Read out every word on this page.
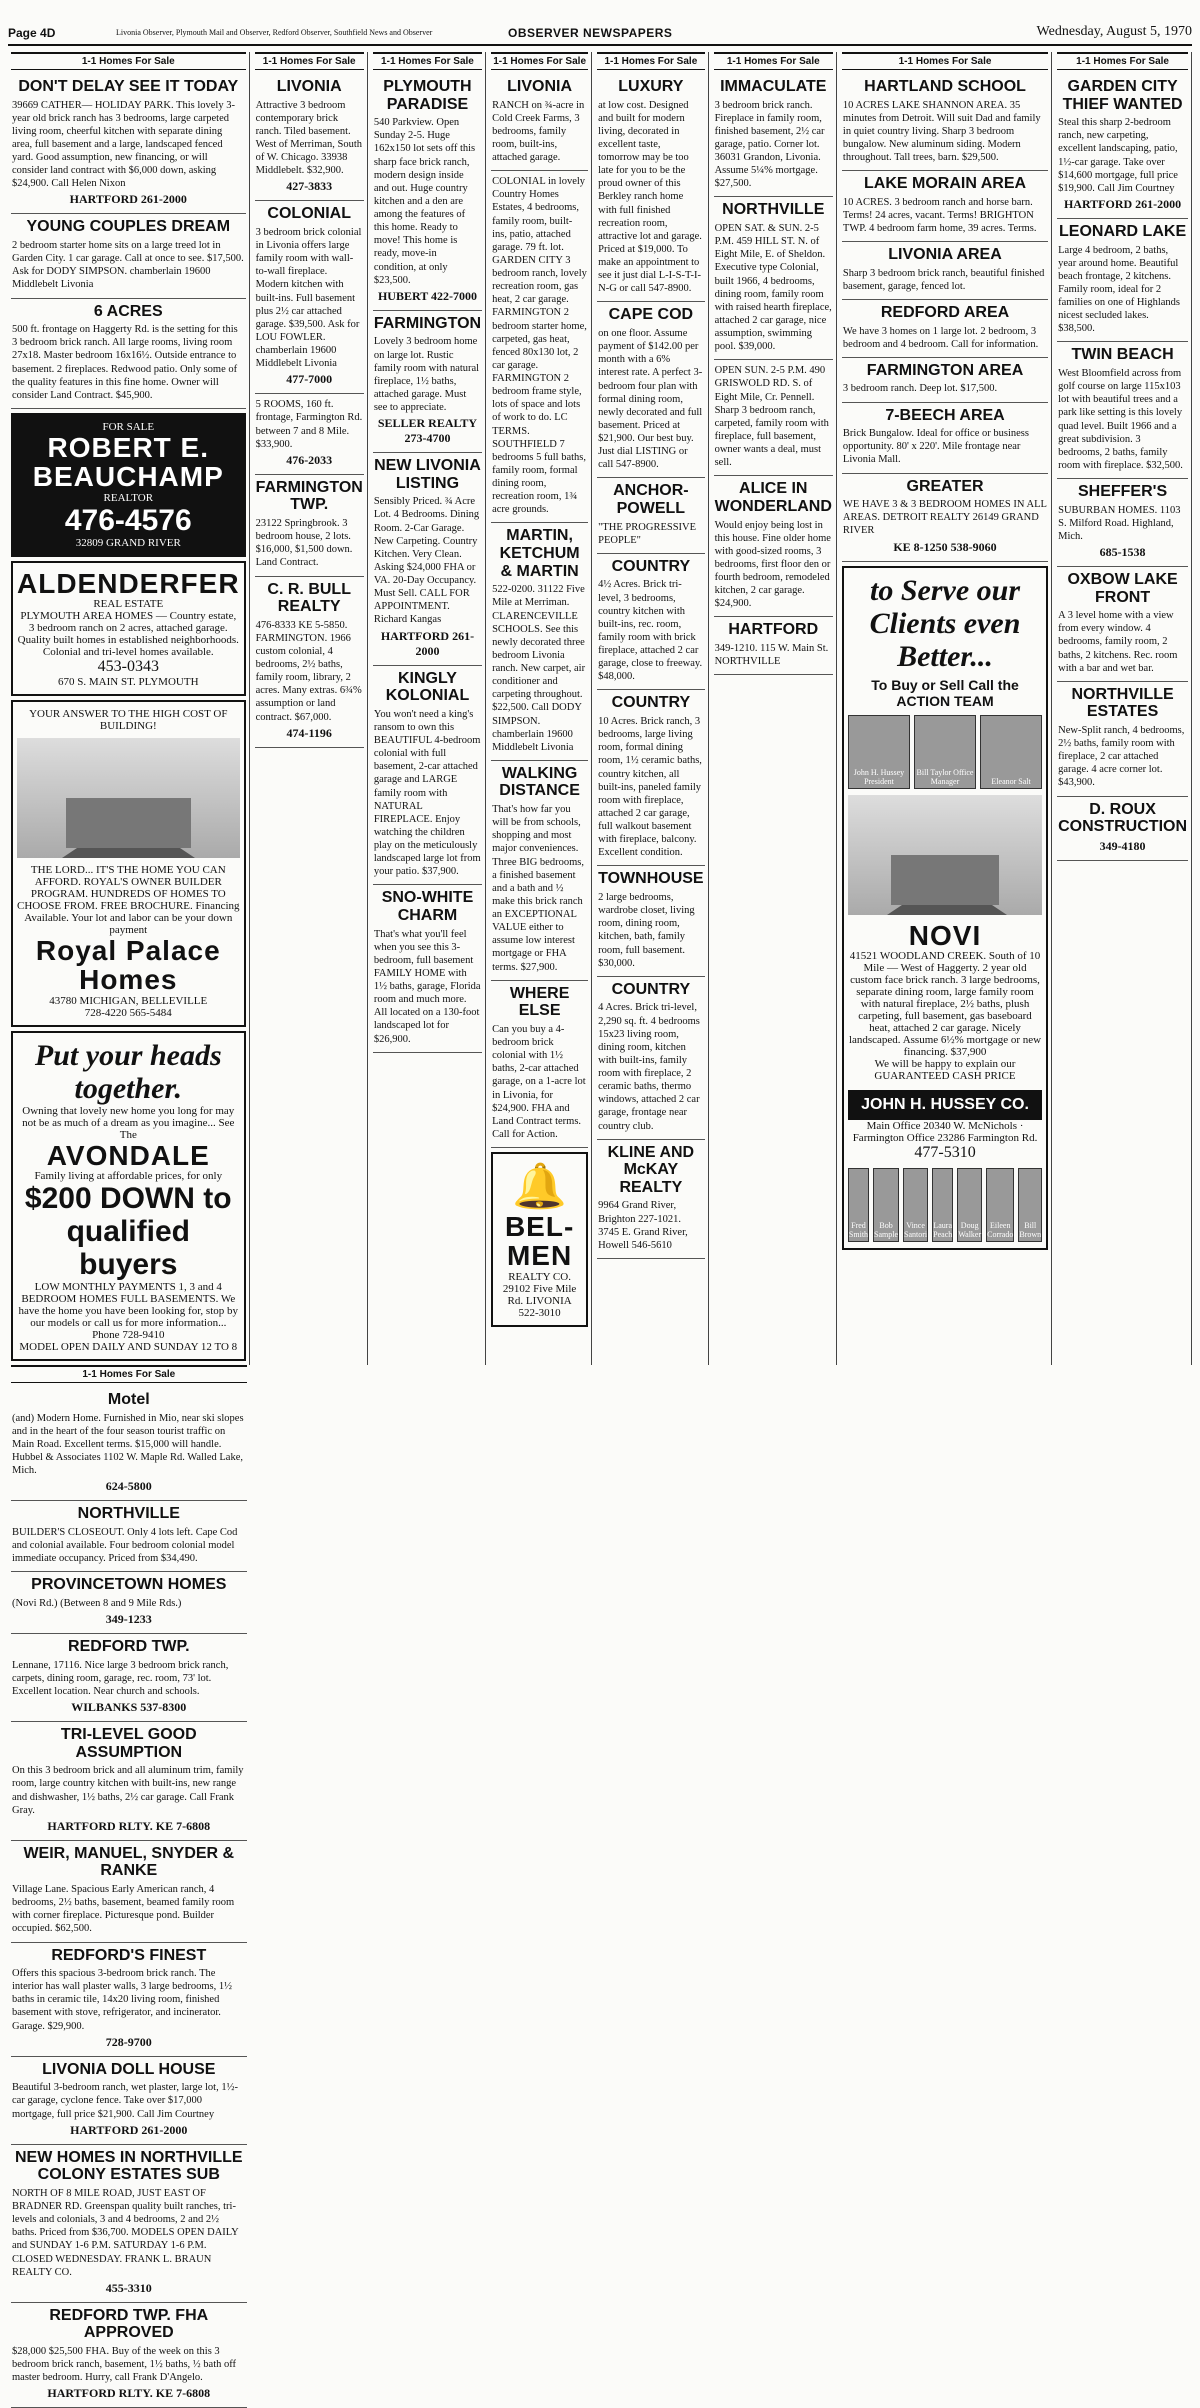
Page 4D	Livonia Observer, Plymouth Mail and Observer, Redford Observer, Southfield News and Observer	OBSERVER NEWSPAPERS	Wednesday, August 5, 1970
1-1 Homes For Sale
DON'T DELAY SEE IT TODAY
39669 CATHER— HOLIDAY PARK. This lovely 3-year old brick ranch has 3 bedrooms, large carpeted living room, cheerful kitchen with separate dining area, full basement and a large, landscaped fenced yard. Good assumption, new financing, or will consider land contract with $6,000 down, asking $24,900. Call Helen Nixon
HARTFORD 261-2000
YOUNG COUPLES DREAM
2 bedroom starter home sits on a large treed lot in Garden City. 1 car garage. Call at once to see. $17,500. Ask for DODY SIMPSON. chamberlain 19600 Middlebelt Livonia
6 ACRES
500 ft. frontage on Haggerty Rd. is the setting for this 3 bedroom brick ranch. All large rooms, living room 27x18. Master bedroom 16x16½. Outside entrance to basement. 2 fireplaces. Redwood patio. Only some of the quality features in this fine home. Owner will consider Land Contract. $45,900.
FOR SALE
ROBERT E. BEAUCHAMP
REALTOR
476-4576
32809 GRAND RIVER
ALDENDERFER
REAL ESTATE
PLYMOUTH AREA HOMES — Country estate, 3 bedroom ranch on 2 acres, attached garage. Quality built homes in established neighborhoods. Colonial and tri-level homes available.
453-0343
670 S. MAIN ST. PLYMOUTH
YOUR ANSWER TO THE HIGH COST OF BUILDING!
THE LORD... IT'S THE HOME YOU CAN AFFORD. ROYAL'S OWNER BUILDER PROGRAM. HUNDREDS OF HOMES TO CHOOSE FROM. FREE BROCHURE. Financing Available. Your lot and labor can be your down payment
Royal Palace Homes
43780 MICHIGAN, BELLEVILLE
728-4220 565-5484
Put your heads together.
Owning that lovely new home you long for may not be as much of a dream as you imagine... See The
AVONDALE
Family living at affordable prices, for only
$200 DOWN to qualified buyers
LOW MONTHLY PAYMENTS 1, 3 and 4 BEDROOM HOMES FULL BASEMENTS. We have the home you have been looking for, stop by our models or call us for more information...
Phone 728-9410
MODEL OPEN DAILY AND SUNDAY 12 TO 8
1-1 Homes For Sale
LIVONIA
Attractive 3 bedroom contemporary brick ranch. Tiled basement. West of Merriman, South of W. Chicago. 33938 Middlebelt. $32,900.
427-3833
COLONIAL
3 bedroom brick colonial in Livonia offers large family room with wall-to-wall fireplace. Modern kitchen with built-ins. Full basement plus 2½ car attached garage. $39,500. Ask for LOU FOWLER. chamberlain 19600 Middlebelt Livonia
477-7000
5 ROOMS, 160 ft. frontage, Farmington Rd. between 7 and 8 Mile. $33,900.
476-2033
FARMINGTON TWP.
23122 Springbrook. 3 bedroom house, 2 lots. $16,000, $1,500 down. Land Contract.
C. R. BULL REALTY
476-8333 KE 5-5850. FARMINGTON. 1966 custom colonial, 4 bedrooms, 2½ baths, family room, library, 2 acres. Many extras. 6¾% assumption or land contract. $67,000.
474-1196
1-1 Homes For Sale
PLYMOUTH PARADISE
540 Parkview. Open Sunday 2-5. Huge 162x150 lot sets off this sharp face brick ranch, modern design inside and out. Huge country kitchen and a den are among the features of this home. Ready to move! This home is ready, move-in condition, at only $23,500.
HUBERT 422-7000
FARMINGTON
Lovely 3 bedroom home on large lot. Rustic family room with natural fireplace, 1½ baths, attached garage. Must see to appreciate.
SELLER REALTY 273-4700
NEW LIVONIA LISTING
Sensibly Priced. ¾ Acre Lot. 4 Bedrooms. Dining Room. 2-Car Garage. New Carpeting. Country Kitchen. Very Clean. Asking $24,000 FHA or VA. 20-Day Occupancy. Must Sell. CALL FOR APPOINTMENT. Richard Kangas
HARTFORD 261-2000
KINGLY KOLONIAL
You won't need a king's ransom to own this BEAUTIFUL 4-bedroom colonial with full basement, 2-car attached garage and LARGE family room with NATURAL FIREPLACE. Enjoy watching the children play on the meticulously landscaped large lot from your patio. $37,900.
SNO-WHITE CHARM
That's what you'll feel when you see this 3-bedroom, full basement FAMILY HOME with 1½ baths, garage, Florida room and much more. All located on a 130-foot landscaped lot for $26,900.
1-1 Homes For Sale
LIVONIA
RANCH on ¾-acre in Cold Creek Farms, 3 bedrooms, family room, built-ins, attached garage.
COLONIAL in lovely Country Homes Estates, 4 bedrooms, family room, built-ins, patio, attached garage. 79 ft. lot. GARDEN CITY 3 bedroom ranch, lovely recreation room, gas heat, 2 car garage. FARMINGTON 2 bedroom starter home, carpeted, gas heat, fenced 80x130 lot, 2 car garage. FARMINGTON 2 bedroom frame style, lots of space and lots of work to do. LC TERMS. SOUTHFIELD 7 bedrooms 5 full baths, family room, formal dining room, recreation room, 1¾ acre grounds.
MARTIN, KETCHUM & MARTIN
522-0200. 31122 Five Mile at Merriman. CLARENCEVILLE SCHOOLS. See this newly decorated three bedroom Livonia ranch. New carpet, air conditioner and carpeting throughout. $22,500. Call DODY SIMPSON. chamberlain 19600 Middlebelt Livonia
WALKING DISTANCE
That's how far you will be from schools, shopping and most major conveniences. Three BIG bedrooms, a finished basement and a bath and ½ make this brick ranch an EXCEPTIONAL VALUE either to assume low interest mortgage or FHA terms. $27,900.
WHERE ELSE
Can you buy a 4-bedroom brick colonial with 1½ baths, 2-car attached garage, on a 1-acre lot in Livonia, for $24,900. FHA and Land Contract terms. Call for Action.
🔔
BEL-MEN
REALTY CO.
29102 Five Mile Rd. LIVONIA
522-3010
1-1 Homes For Sale
LUXURY
at low cost. Designed and built for modern living, decorated in excellent taste, tomorrow may be too late for you to be the proud owner of this Berkley ranch home with full finished recreation room, attractive lot and garage. Priced at $19,000. To make an appointment to see it just dial L-I-S-T-I-N-G or call 547-8900.
CAPE COD
on one floor. Assume payment of $142.00 per month with a 6% interest rate. A perfect 3-bedroom four plan with formal dining room, newly decorated and full basement. Priced at $21,900. Our best buy. Just dial LISTING or call 547-8900.
ANCHOR-POWELL
"THE PROGRESSIVE PEOPLE"
COUNTRY
4½ Acres. Brick tri-level, 3 bedrooms, country kitchen with built-ins, rec. room, family room with brick fireplace, attached 2 car garage, close to freeway. $48,000.
COUNTRY
10 Acres. Brick ranch, 3 bedrooms, large living room, formal dining room, 1½ ceramic baths, country kitchen, all built-ins, paneled family room with fireplace, attached 2 car garage, full walkout basement with fireplace, balcony. Excellent condition.
TOWNHOUSE
2 large bedrooms, wardrobe closet, living room, dining room, kitchen, bath, family room, full basement. $30,000.
COUNTRY
4 Acres. Brick tri-level, 2,290 sq. ft. 4 bedrooms 15x23 living room, dining room, kitchen with built-ins, family room with fireplace, 2 ceramic baths, thermo windows, attached 2 car garage, frontage near country club.
KLINE AND McKAY REALTY
9964 Grand River, Brighton 227-1021. 3745 E. Grand River, Howell 546-5610
1-1 Homes For Sale
IMMACULATE
3 bedroom brick ranch. Fireplace in family room, finished basement, 2½ car garage, patio. Corner lot. 36031 Grandon, Livonia. Assume 5¼% mortgage. $27,500.
NORTHVILLE
OPEN SAT. & SUN. 2-5 P.M. 459 HILL ST. N. of Eight Mile, E. of Sheldon. Executive type Colonial, built 1966, 4 bedrooms, dining room, family room with raised hearth fireplace, attached 2 car garage, nice assumption, swimming pool. $39,000.
OPEN SUN. 2-5 P.M. 490 GRISWOLD RD. S. of Eight Mile, Cr. Pennell. Sharp 3 bedroom ranch, carpeted, family room with fireplace, full basement, owner wants a deal, must sell.
ALICE IN WONDERLAND
Would enjoy being lost in this house. Fine older home with good-sized rooms, 3 bedrooms, first floor den or fourth bedroom, remodeled kitchen, 2 car garage. $24,900.
HARTFORD
349-1210. 115 W. Main St. NORTHVILLE
1-1 Homes For Sale
HARTLAND SCHOOL
10 ACRES LAKE SHANNON AREA. 35 minutes from Detroit. Will suit Dad and family in quiet country living. Sharp 3 bedroom bungalow. New aluminum siding. Modern throughout. Tall trees, barn. $29,500.
LAKE MORAIN AREA
10 ACRES. 3 bedroom ranch and horse barn. Terms! 24 acres, vacant. Terms! BRIGHTON TWP. 4 bedroom farm home, 39 acres. Terms.
LIVONIA AREA
Sharp 3 bedroom brick ranch, beautiful finished basement, garage, fenced lot.
REDFORD AREA
We have 3 homes on 1 large lot. 2 bedroom, 3 bedroom and 4 bedroom. Call for information.
FARMINGTON AREA
3 bedroom ranch. Deep lot. $17,500.
7-BEECH AREA
Brick Bungalow. Ideal for office or business opportunity. 80' x 220'. Mile frontage near Livonia Mall.
GREATER
WE HAVE 3 & 3 BEDROOM HOMES IN ALL AREAS. DETROIT REALTY 26149 GRAND RIVER
KE 8-1250 538-9060
to Serve our Clients even Better...
To Buy or Sell Call the ACTION TEAM
John H. Hussey President
Bill Taylor Office Manager	Eleanor Salt
NOVI
41521 WOODLAND CREEK. South of 10 Mile — West of Haggerty. 2 year old custom face brick ranch. 3 large bedrooms, separate dining room, large family room with natural fireplace, 2½ baths, plush carpeting, full basement, gas baseboard heat, attached 2 car garage. Nicely landscaped. Assume 6½% mortgage or new financing. $37,900
We will be happy to explain our GUARANTEED CASH PRICE
JOHN H. HUSSEY CO.
Main Office 20340 W. McNichols · Farmington Office 23286 Farmington Rd.
477-5310
Fred Smith
Bob Sample
Vince Santori
Laura Peach
Doug Walker
Eileen Corrado
Bill Brown
1-1 Homes For Sale
GARDEN CITY THIEF WANTED
Steal this sharp 2-bedroom ranch, new carpeting, excellent landscaping, patio, 1½-car garage. Take over $14,600 mortgage, full price $19,900. Call Jim Courtney
HARTFORD 261-2000
LEONARD LAKE
Large 4 bedroom, 2 baths, year around home. Beautiful beach frontage, 2 kitchens. Family room, ideal for 2 families on one of Highlands nicest secluded lakes. $38,500.
TWIN BEACH
West Bloomfield across from golf course on large 115x103 lot with beautiful trees and a park like setting is this lovely quad level. Built 1966 and a great subdivision. 3 bedrooms, 2 baths, family room with fireplace. $32,500.
SHEFFER'S
SUBURBAN HOMES. 1103 S. Milford Road. Highland, Mich.
685-1538
OXBOW LAKE FRONT
A 3 level home with a view from every window. 4 bedrooms, family room, 2 baths, 2 kitchens. Rec. room with a bar and wet bar.
NORTHVILLE ESTATES
New-Split ranch, 4 bedrooms, 2½ baths, family room with fireplace, 2 car attached garage. 4 acre corner lot. $43,900.
D. ROUX CONSTRUCTION
349-4180
1-1 Homes For Sale
Motel
(and) Modern Home. Furnished in Mio, near ski slopes and in the heart of the four season tourist traffic on Main Road. Excellent terms. $15,000 will handle. Hubbel & Associates 1102 W. Maple Rd. Walled Lake, Mich.
624-5800
NORTHVILLE
BUILDER'S CLOSEOUT. Only 4 lots left. Cape Cod and colonial available. Four bedroom colonial model immediate occupancy. Priced from $34,490.
PROVINCETOWN HOMES
(Novi Rd.) (Between 8 and 9 Mile Rds.)
349-1233
REDFORD TWP.
Lennane, 17116. Nice large 3 bedroom brick ranch, carpets, dining room, garage, rec. room, 73' lot. Excellent location. Near church and schools.
WILBANKS 537-8300
TRI-LEVEL GOOD ASSUMPTION
On this 3 bedroom brick and all aluminum trim, family room, large country kitchen with built-ins, new range and dishwasher, 1½ baths, 2½ car garage. Call Frank Gray.
HARTFORD RLTY. KE 7-6808
WEIR, MANUEL, SNYDER & RANKE
Village Lane. Spacious Early American ranch, 4 bedrooms, 2½ baths, basement, beamed family room with corner fireplace. Picturesque pond. Builder occupied. $62,500.
REDFORD'S FINEST
Offers this spacious 3-bedroom brick ranch. The interior has wall plaster walls, 3 large bedrooms, 1½ baths in ceramic tile, 14x20 living room, finished basement with stove, refrigerator, and incinerator. Garage. $29,900.
728-9700
LIVONIA DOLL HOUSE
Beautiful 3-bedroom ranch, wet plaster, large lot, 1½-car garage, cyclone fence. Take over $17,000 mortgage, full price $21,900. Call Jim Courtney
HARTFORD 261-2000
NEW HOMES IN NORTHVILLE COLONY ESTATES SUB
NORTH OF 8 MILE ROAD, JUST EAST OF BRADNER RD. Greenspan quality built ranches, tri-levels and colonials, 3 and 4 bedrooms, 2 and 2½ baths. Priced from $36,700. MODELS OPEN DAILY and SUNDAY 1-6 P.M. SATURDAY 1-6 P.M. CLOSED WEDNESDAY. FRANK L. BRAUN REALTY CO.
455-3310
REDFORD TWP. FHA APPROVED
$28,000 $25,500 FHA. Buy of the week on this 3 bedroom brick ranch, basement, 1½ baths, ½ bath off master bedroom. Hurry, call Frank D'Angelo.
HARTFORD RLTY. KE 7-6808
